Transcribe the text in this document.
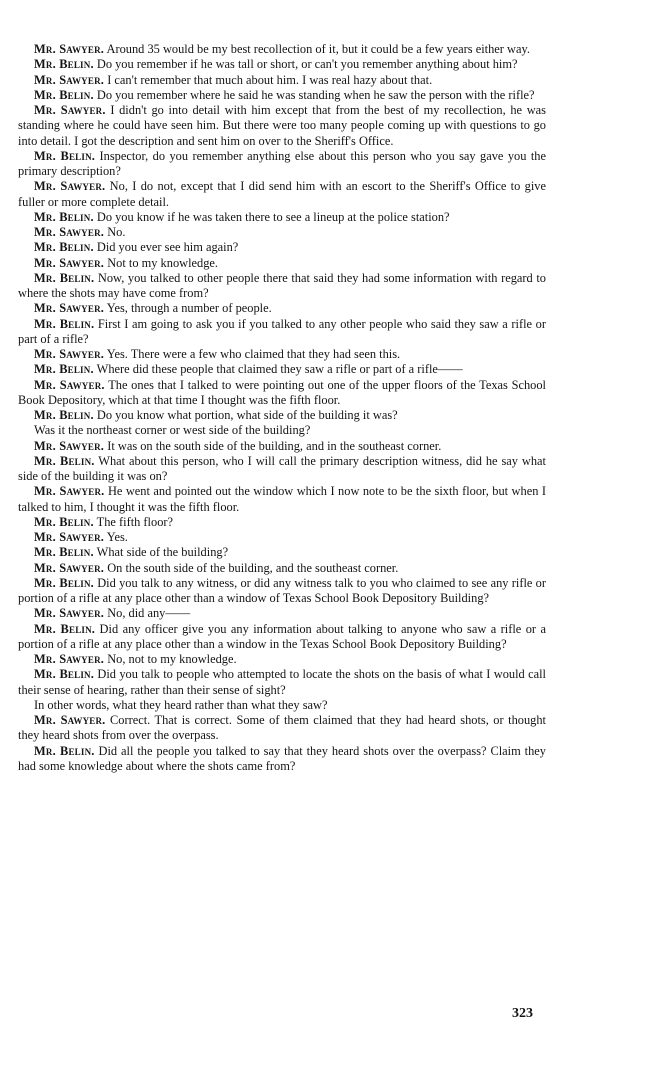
Mr. Sawyer. Around 35 would be my best recollection of it, but it could be a few years either way.

Mr. Belin. Do you remember if he was tall or short, or can't you remember anything about him?

Mr. Sawyer. I can't remember that much about him. I was real hazy about that.

Mr. Belin. Do you remember where he said he was standing when he saw the person with the rifle?

Mr. Sawyer. I didn't go into detail with him except that from the best of my recollection, he was standing where he could have seen him. But there were too many people coming up with questions to go into detail. I got the description and sent him on over to the Sheriff's Office.

Mr. Belin. Inspector, do you remember anything else about this person who you say gave you the primary description?

Mr. Sawyer. No, I do not, except that I did send him with an escort to the Sheriff's Office to give fuller or more complete detail.

Mr. Belin. Do you know if he was taken there to see a lineup at the police station?

Mr. Sawyer. No.

Mr. Belin. Did you ever see him again?

Mr. Sawyer. Not to my knowledge.

Mr. Belin. Now, you talked to other people there that said they had some information with regard to where the shots may have come from?

Mr. Sawyer. Yes, through a number of people.

Mr. Belin. First I am going to ask you if you talked to any other people who said they saw a rifle or part of a rifle?

Mr. Sawyer. Yes. There were a few who claimed that they had seen this.

Mr. Belin. Where did these people that claimed they saw a rifle or part of a rifle——

Mr. Sawyer. The ones that I talked to were pointing out one of the upper floors of the Texas School Book Depository, which at that time I thought was the fifth floor.

Mr. Belin. Do you know what portion, what side of the building it was?

Was it the northeast corner or west side of the building?

Mr. Sawyer. It was on the south side of the building, and in the southeast corner.

Mr. Belin. What about this person, who I will call the primary description witness, did he say what side of the building it was on?

Mr. Sawyer. He went and pointed out the window which I now note to be the sixth floor, but when I talked to him, I thought it was the fifth floor.

Mr. Belin. The fifth floor?

Mr. Sawyer. Yes.

Mr. Belin. What side of the building?

Mr. Sawyer. On the south side of the building, and the southeast corner.

Mr. Belin. Did you talk to any witness, or did any witness talk to you who claimed to see any rifle or portion of a rifle at any place other than a window of Texas School Book Depository Building?

Mr. Sawyer. No, did any——

Mr. Belin. Did any officer give you any information about talking to anyone who saw a rifle or a portion of a rifle at any place other than a window in the Texas School Book Depository Building?

Mr. Sawyer. No, not to my knowledge.

Mr. Belin. Did you talk to people who attempted to locate the shots on the basis of what I would call their sense of hearing, rather than their sense of sight?

In other words, what they heard rather than what they saw?

Mr. Sawyer. Correct. That is correct. Some of them claimed that they had heard shots, or thought they heard shots from over the overpass.

Mr. Belin. Did all the people you talked to say that they heard shots over the overpass? Claim they had some knowledge about where the shots came from?

323
